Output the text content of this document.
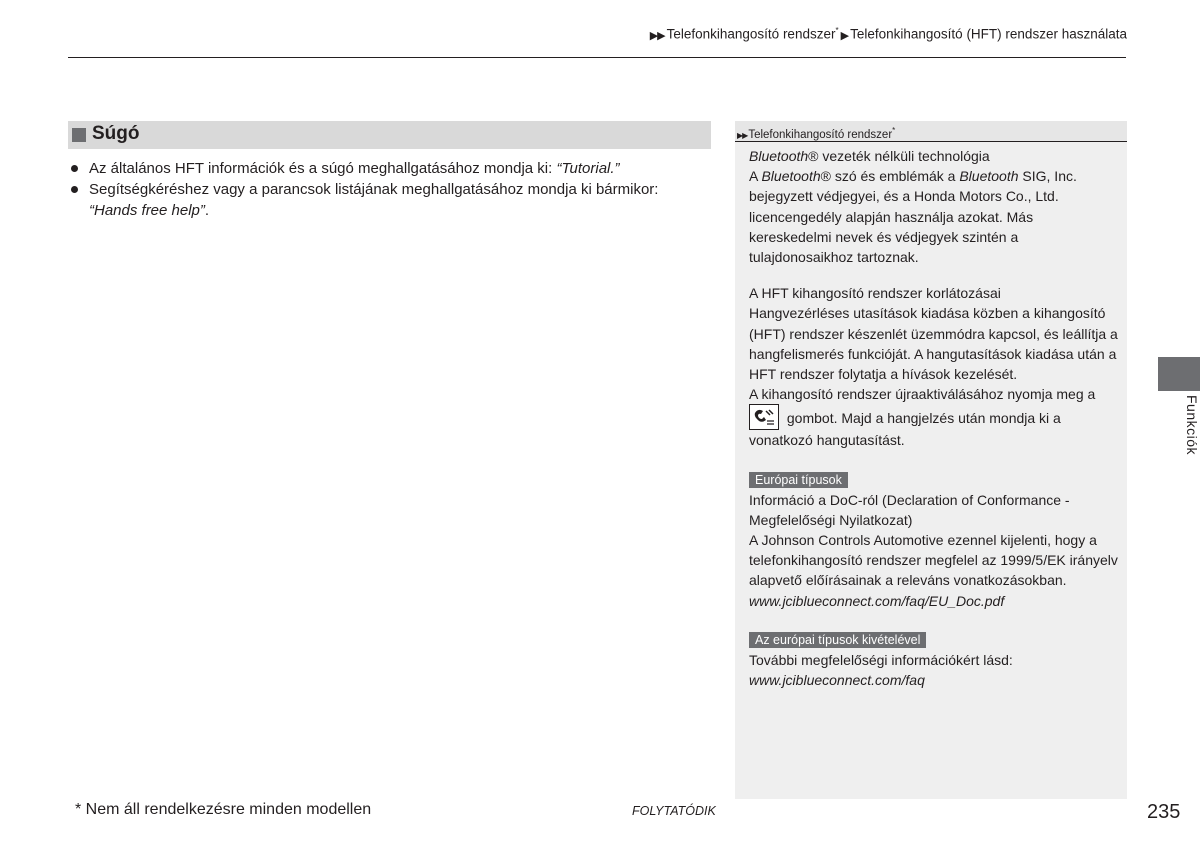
▶▶ Telefonkihangosító rendszer* ▶ Telefonkihangosító (HFT) rendszer használata
Súgó
Az általános HFT információk és a súgó meghallgatásához mondja ki: “Tutorial.”
Segítségkéréshez vagy a parancsok listájának meghallgatásához mondja ki bármikor:
“Hands free help”.
▶▶Telefonkihangosító rendszer*

Bluetooth® vezeték nélküli technológia
A Bluetooth® szó és emblémák a Bluetooth SIG, Inc.
bejegyzett védjegyei, és a Honda Motors Co., Ltd. licencengedély alapján használja azokat. Más kereskedelmi nevek és védjegyek szintén a tulajdonosaikhoz tartoznak.

A HFT kihangosító rendszer korlátozásai

Hangvezérléses utasítások kiadása közben a kihangosító (HFT) rendszer készenlét üzemmódra kapcsol, és leállítja a hangfelismerés funkcióját. A hangutasítások kiadása után a HFT rendszer folytatja a hívások kezelését.

A kihangosító rendszer újraaktiválásához nyomja meg a

gombot. Majd a hangjelzés után mondja ki a vonatkozó hangutasítást.

Európai típusok

Információ a DoC-ról (Declaration of Conformance - Megfelelőségi Nyilatkozat)

A Johnson Controls Automotive ezennel kijelenti, hogy a telefonkihangosító rendszer megfelel az 1999/5/EK irányelv alapvető előírásainak a releváns vonatkozásokban.

www.jciblueconnect.com/faq/EU_Doc.pdf

Az európai típusok kivételével

További megfelelőségi információkért lásd:

www.jciblueconnect.com/faq

Funkciók
* Nem áll rendelkezésre minden modellen	FOLYTATÓDIK	235
